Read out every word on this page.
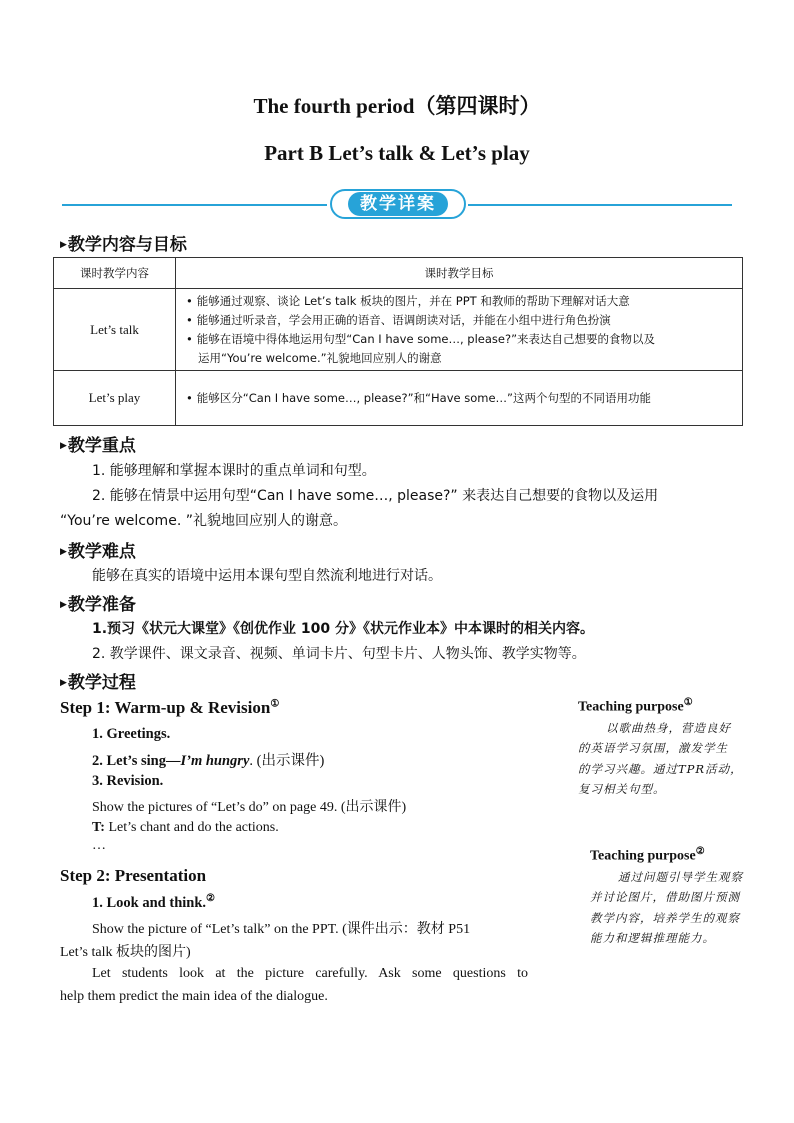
The fourth period（第四课时）
Part B Let’s talk & Let’s play
教学详案
▶教学内容与目标
课时教学内容	课时教学目标
Let’s talk	• 能够通过观察、谈论 Let’s talk 板块的图片，并在 PPT 和教师的帮助下理解对话大意
• 能够通过听录音，学会用正确的语音、语调朗读对话，并能在小组中进行角色扮演
• 能够在语境中得体地运用句型“Can I have some…, please?”来表达自己想要的食物以及
运用“You’re welcome.”礼貌地回应别人的谢意

Let’s play	• 能够区分“Can I have some…, please?”和“Have some…”这两个句型的不同语用功能
▶教学重点
1. 能够理解和掌握本课时的重点单词和句型。
2. 能够在情景中运用句型“Can I have some…, please?” 来表达自己想要的食物以及运用
“You’re welcome. ”礼貌地回应别人的谢意。
▶教学难点
能够在真实的语境中运用本课句型自然流利地进行对话。
▶教学准备
1.预习《状元大课堂》《创优作业 100 分》《状元作业本》中本课时的相关内容。
2. 教学课件、课文录音、视频、单词卡片、句型卡片、人物头饰、教学实物等。
▶教学过程
Step 1: Warm-up & Revision①
1. Greetings.
2. Let’s sing—I’m hungry. (出示课件)
3. Revision.
Show the pictures of “Let’s do” on page 49. (出示课件)
T: Let’s chant and do the actions.
…
Step 2: Presentation
1. Look and think.②
Show the picture of “Let’s talk” on the PPT. (课件出示：教材 P51
Let’s talk 板块的图片)
Let students look at the picture carefully. Ask some questions to
help them predict the main idea of the dialogue.
Teaching purpose①
以歌曲热身，营造良好
的英语学习氛围，激发学生
的学习兴趣。通过TPR活动，
复习相关句型。
Teaching purpose②
通过问题引导学生观察
并讨论图片，借助图片预测
教学内容，培养学生的观察
能力和逻辑推理能力。
